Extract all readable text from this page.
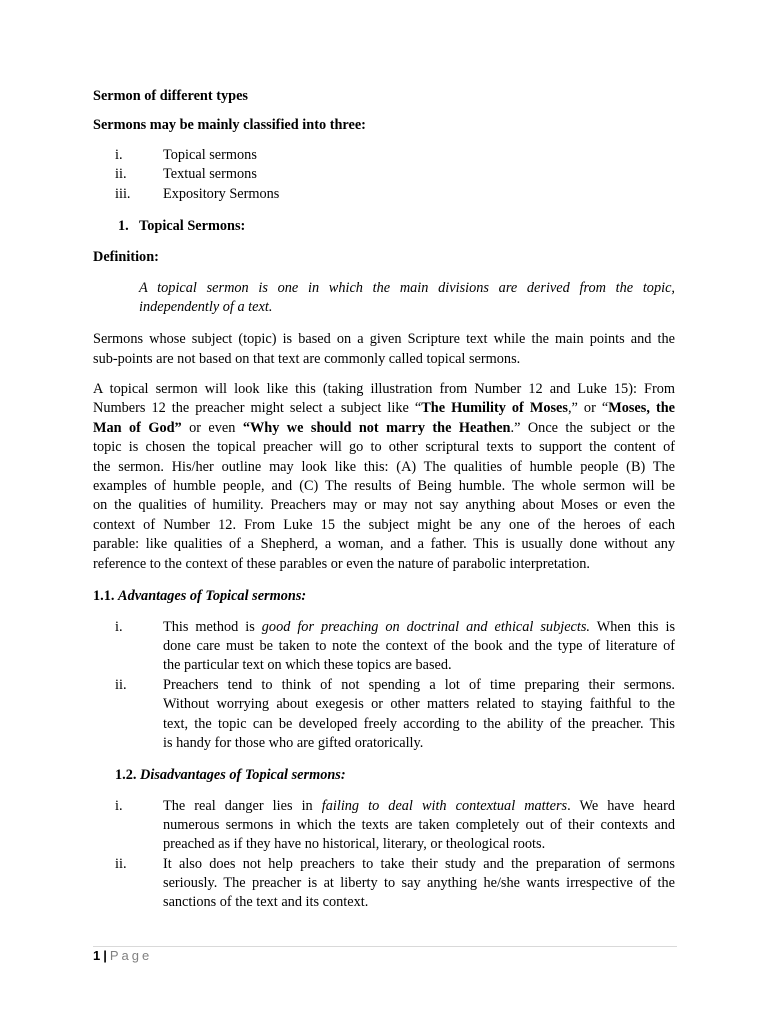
Sermon of different types
Sermons may be mainly classified into three:
i.	Topical sermons
ii.	Textual sermons
iii. Expository Sermons
1. Topical Sermons:
Definition:
A topical sermon is one in which the main divisions are derived from the topic,
independently of a text.
Sermons whose subject (topic) is based on a given Scripture text while the main points and the
sub-points are not based on that text are commonly called topical sermons.
A topical sermon will look like this (taking illustration from Number 12 and Luke 15): From
Numbers 12 the preacher might select a subject like “The Humility of Moses,” or “Moses, the
Man of God” or even “Why we should not marry the Heathen.” Once the subject or the
topic is chosen the topical preacher will go to other scriptural texts to support the content of
the sermon. His/her outline may look like this: (A) The qualities of humble people (B) The
examples of humble people, and (C) The results of Being humble. The whole sermon will be
on the qualities of humility. Preachers may or may not say anything about Moses or even the
context of Number 12. From Luke 15 the subject might be any one of the heroes of each
parable: like qualities of a Shepherd, a woman, and a father. This is usually done without any
reference to the context of these parables or even the nature of parabolic interpretation.
1.1. Advantages of Topical sermons:
i.	This method is good for preaching on doctrinal and ethical subjects. When this is
done care must be taken to note the context of the book and the type of literature of
the particular text on which these topics are based.
ii.	Preachers tend to think of not spending a lot of time preparing their sermons.
Without worrying about exegesis or other matters related to staying faithful to the
text, the topic can be developed freely according to the ability of the preacher. This
is handy for those who are gifted oratorically.
1.2. Disadvantages of Topical sermons:
i.	The real danger lies in failing to deal with contextual matters. We have heard
numerous sermons in which the texts are taken completely out of their contexts and
preached as if they have no historical, literary, or theological roots.
ii.	It also does not help preachers to take their study and the preparation of sermons
seriously. The preacher is at liberty to say anything he/she wants irrespective of the
sanctions of the text and its context.
1 | Page
